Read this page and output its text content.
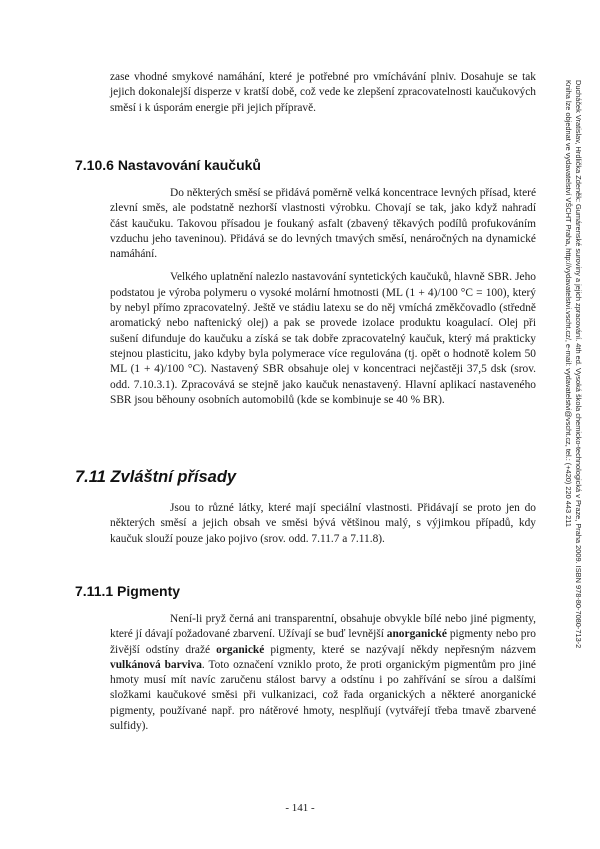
zase vhodné smykové namáhání, které je potřebné pro vmíchávání plniv. Dosahuje se tak jejich dokonalejší disperze v kratší době, což vede ke zlepšení zpracovatelnosti kaučukových směsí i k úsporám energie při jejich přípravě.

7.10.6 Nastavování kaučuků

Do některých směsí se přidává poměrně velká koncentrace levných přísad, které zlevní směs, ale podstatně nezhorší vlastnosti výrobku. Chovají se tak, jako když nahradí část kaučuku. Takovou přísadou je foukaný asfalt (zbavený těkavých podílů profukováním vzduchu jeho taveninou). Přidává se do levných tmavých směsí, nenáročných na dynamické namáhání.

Velkého uplatnění nalezlo nastavování syntetických kaučuků, hlavně SBR. Jeho podstatou je výroba polymeru o vysoké molární hmotnosti (ML (1 + 4)/100 °C = 100), který by nebyl přímo zpracovatelný. Ještě ve stádiu latexu se do něj vmíchá změkčovadlo (středně aromatický nebo naftenický olej) a pak se provede izolace produktu koagulací. Olej při sušení difunduje do kaučuku a získá se tak dobře zpracovatelný kaučuk, který má prakticky stejnou plasticitu, jako kdyby byla polymerace více regulována (tj. opět o hodnotě kolem 50 ML (1 + 4)/100 °C). Nastavený SBR obsahuje olej v koncentraci nejčastěji 37,5 dsk (srov. odd. 7.10.3.1). Zpracovává se stejně jako kaučuk nenastavený. Hlavní aplikací nastaveného SBR jsou běhouny osobních automobilů (kde se kombinuje se 40 % BR).

7.11 Zvláštní přísady

Jsou to různé látky, které mají speciální vlastnosti. Přidávají se proto jen do některých směsí a jejich obsah ve směsi bývá většinou malý, s výjimkou případů, kdy kaučuk slouží pouze jako pojivo (srov. odd. 7.11.7 a 7.11.8).

7.11.1 Pigmenty

Není-li pryž černá ani transparentní, obsahuje obvykle bílé nebo jiné pigmenty, které jí dávají požadované zbarvení. Užívají se buď levnější anorganické pigmenty nebo pro živější odstíny dražé organické pigmenty, které se nazývají někdy nepřesným názvem vulkánová barviva. Toto označení vzniklo proto, že proti organickým pigmentům pro jiné hmoty musí mít navíc zaručenu stálost barvy a odstínu i po zahřívání se sírou a dalšími složkami kaučukové směsi při vulkanizaci, což řada organických a některé anorganické pigmenty, používané např. pro nátěrové hmoty, nesplňují (vytvářejí třeba tmavě zbarvené sulfidy).

- 141 -
Ducháček Vratislav, Hrdlička Zdeněk: Gumárenské suroviny a jejich zpracování. 4th ed. Vysoká škola chemicko-technologická v Praze, Praha 2009. ISBN 978-80-7080-713-2
Kniha lze objednat ve vydavatelství VŠCHT Praha, http://vydavatelstvi.vscht.cz/, e-mail: vydavatelstvi@vscht.cz, tel.: (+420) 220 443 211
